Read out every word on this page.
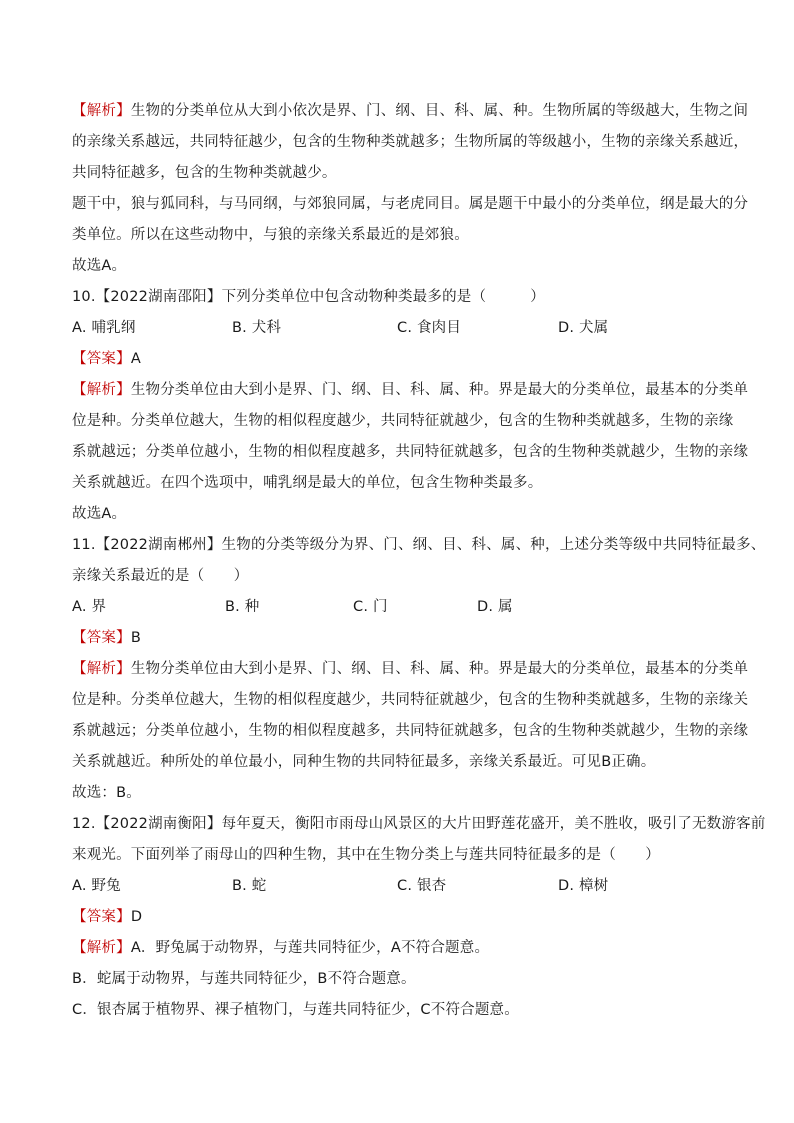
【解析】生物的分类单位从大到小依次是界、门、纲、目、科、属、种。生物所属的等级越大，生物之间
的亲缘关系越远，共同特征越少，包含的生物种类就越多；生物所属的等级越小，生物的亲缘关系越近，
共同特征越多，包含的生物种类就越少。
题干中，狼与狐同科，与马同纲，与郊狼同属，与老虎同目。属是题干中最小的分类单位，纲是最大的分
类单位。所以在这些动物中，与狼的亲缘关系最近的是郊狼。
故选A。
10.【2022湖南邵阳】下列分类单位中包含动物种类最多的是（　　　）
A. 哺乳纲	B. 犬科	C. 食肉目	D. 犬属
【答案】A
【解析】生物分类单位由大到小是界、门、纲、目、科、属、种。界是最大的分类单位，最基本的分类单
位是种。分类单位越大，生物的相似程度越少，共同特征就越少，包含的生物种类就越多，生物的亲缘
系就越远；分类单位越小，生物的相似程度越多，共同特征就越多，包含的生物种类就越少，生物的亲缘
关系就越近。在四个选项中，哺乳纲是最大的单位，包含生物种类最多。
故选A。
11.【2022湖南郴州】生物的分类等级分为界、门、纲、目、科、属、种，上述分类等级中共同特征最多、
亲缘关系最近的是（　　）
A. 界	B. 种	C. 门	D. 属
【答案】B
【解析】生物分类单位由大到小是界、门、纲、目、科、属、种。界是最大的分类单位，最基本的分类单
位是种。分类单位越大，生物的相似程度越少，共同特征就越少，包含的生物种类就越多，生物的亲缘关
系就越远；分类单位越小，生物的相似程度越多，共同特征就越多，包含的生物种类就越少，生物的亲缘
关系就越近。种所处的单位最小，同种生物的共同特征最多，亲缘关系最近。可见B正确。
故选：B。
12.【2022湖南衡阳】每年夏天，衡阳市雨母山风景区的大片田野莲花盛开，美不胜收，吸引了无数游客前
来观光。下面列举了雨母山的四种生物，其中在生物分类上与莲共同特征最多的是（　　）
A. 野兔	B. 蛇	C. 银杏	D. 樟树
【答案】D
【解析】A．野兔属于动物界，与莲共同特征少，A不符合题意。
B．蛇属于动物界，与莲共同特征少，B不符合题意。
C．银杏属于植物界、裸子植物门，与莲共同特征少，C不符合题意。
